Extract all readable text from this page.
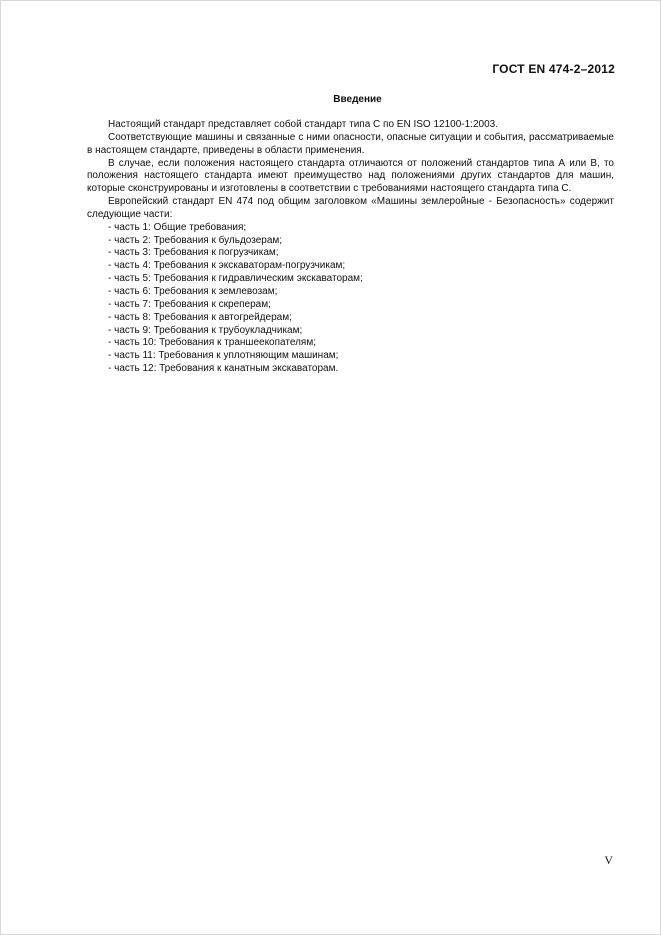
ГОСТ EN 474-2–2012
Введение

Настоящий стандарт представляет собой стандарт типа C по EN ISO 12100-1:2003.

Соответствующие машины и связанные с ними опасности, опасные ситуации и события, рассматриваемые в настоящем стандарте, приведены в области применения.

В случае, если положения настоящего стандарта отличаются от положений стандартов типа А или В, то положения настоящего стандарта имеют преимущество над положениями других стандартов для машин, которые сконструированы и изготовлены в соответствии с требованиями настоящего стандарта типа С.

Европейский стандарт EN 474 под общим заголовком «Машины землеройные - Безопасность» содержит следующие части:

- часть 1: Общие требования;
- часть 2: Требования к бульдозерам;
- часть 3: Требования к погрузчикам;
- часть 4: Требования к экскаваторам-погрузчикам;
- часть 5: Требования к гидравлическим экскаваторам;
- часть 6: Требования к землевозам;
- часть 7: Требования к скреперам;
- часть 8: Требования к автогрейдерам;
- часть 9: Требования к трубоукладчикам;
- часть 10: Требования к траншеекопателям;
- часть 11: Требования к уплотняющим машинам;
- часть 12: Требования к канатным экскаваторам.
V
